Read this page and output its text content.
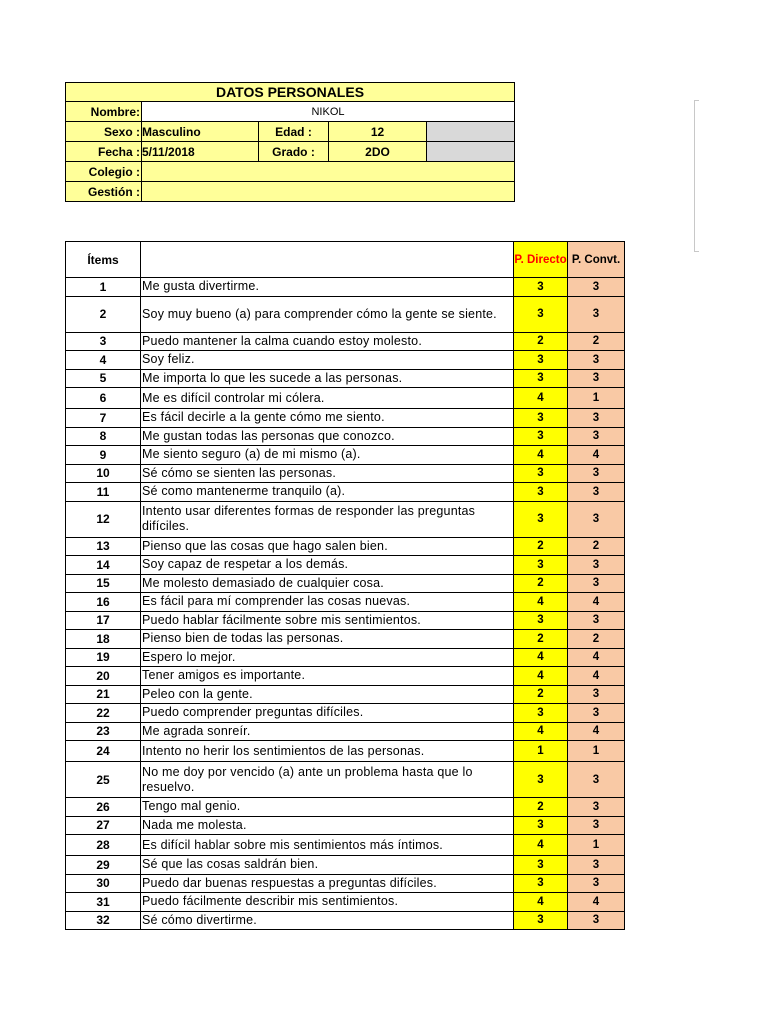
DATOS PERSONALES				
Nombre:	NIKOL			
Sexo :	Masculino	Edad :	12	
Fecha :	5/11/2018	Grado :	2DO	
Colegio :				
Gestión :				
Ítems		P. Directo	P. Convt.
1	Me gusta divertirme.	3	3
2	Soy muy bueno (a) para comprender cómo la gente se siente.	3	3
3	Puedo mantener la calma cuando estoy molesto.	2	2
4	Soy feliz.	3	3
5	Me importa lo que les sucede a las personas.	3	3
6	Me es difícil controlar mi cólera.	4	1
7	Es fácil decirle a la gente cómo me siento.	3	3
8	Me gustan todas las personas que conozco.	3	3
9	Me siento seguro (a) de mi mismo (a).	4	4
10	Sé cómo se sienten las personas.	3	3
11	Sé como mantenerme tranquilo (a).	3	3
12	Intento usar diferentes formas de responder las preguntas difíciles.	3	3
13	Pienso que las cosas que hago salen bien.	2	2
14	Soy capaz de respetar a los demás.	3	3
15	Me molesto demasiado de cualquier cosa.	2	3
16	Es fácil para mí comprender las cosas nuevas.	4	4
17	Puedo hablar fácilmente sobre mis sentimientos.	3	3
18	Pienso bien de todas las personas.	2	2
19	Espero lo mejor.	4	4
20	Tener amigos es importante.	4	4
21	Peleo con la gente.	2	3
22	Puedo comprender preguntas difíciles.	3	3
23	Me agrada sonreír.	4	4
24	Intento no herir los sentimientos de las personas.	1	1
25	No me doy por vencido (a) ante un problema hasta que lo resuelvo.	3	3
26	Tengo mal genio.	2	3
27	Nada me molesta.	3	3
28	Es difícil hablar sobre mis sentimientos más íntimos.	4	1
29	Sé que las cosas saldrán bien.	3	3
30	Puedo dar buenas respuestas a preguntas difíciles.	3	3
31	Puedo fácilmente describir mis sentimientos.	4	4
32	Sé cómo divertirme.	3	3
